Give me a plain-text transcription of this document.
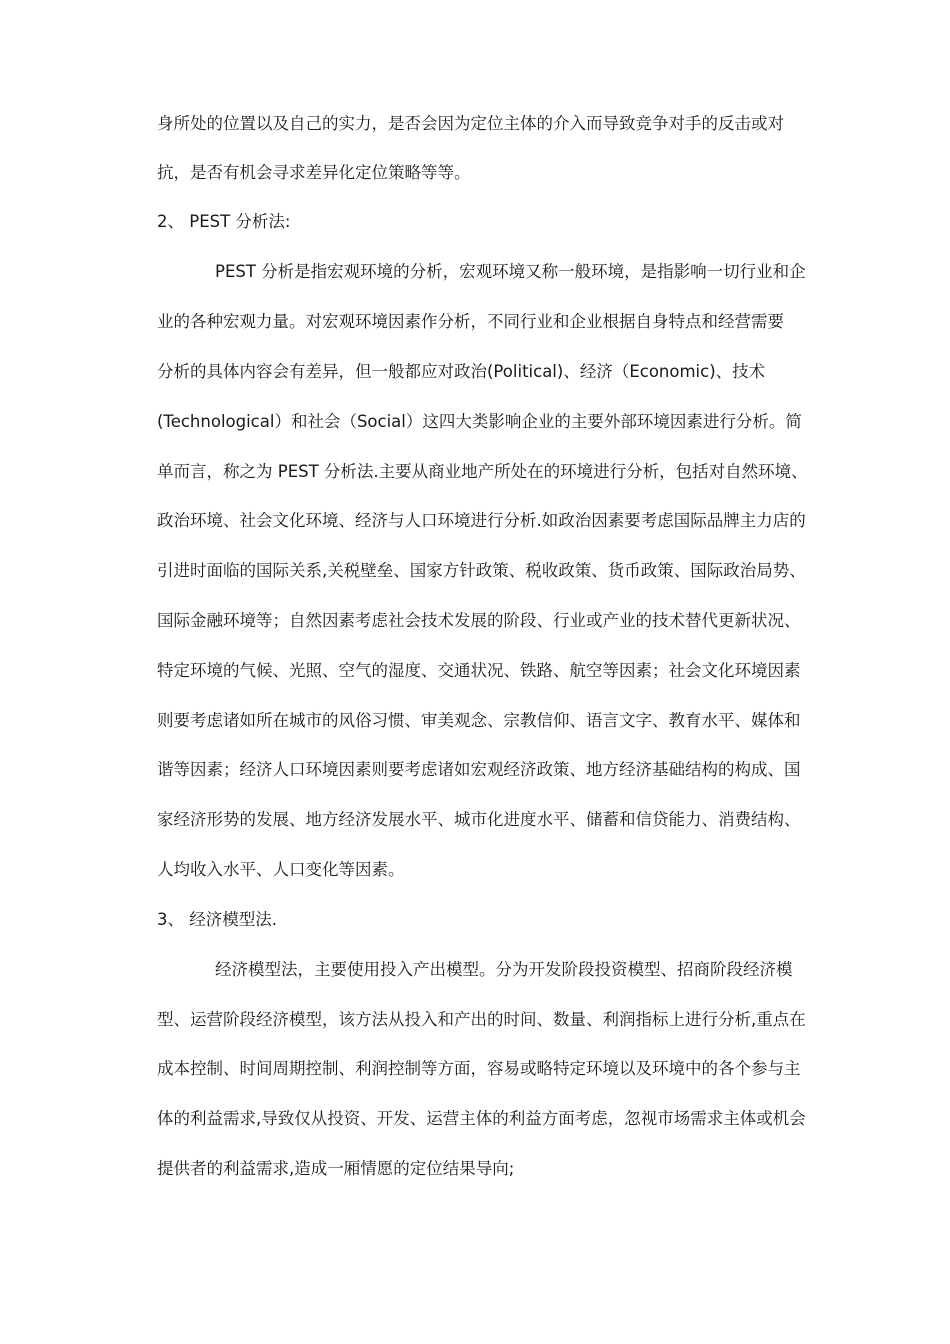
身所处的位置以及自己的实力，是否会因为定位主体的介入而导致竞争对手的反击或对
抗，是否有机会寻求差异化定位策略等等。
2、 PEST 分析法:
PEST 分析是指宏观环境的分析，宏观环境又称一般环境，是指影响一切行业和企
业的各种宏观力量。对宏观环境因素作分析，不同行业和企业根据自身特点和经营需要
分析的具体内容会有差异，但一般都应对政治(Political)、经济（Economic)、技术
(Technological）和社会（Social）这四大类影响企业的主要外部环境因素进行分析。简
单而言，称之为 PEST 分析法.主要从商业地产所处在的环境进行分析，包括对自然环境、
政治环境、社会文化环境、经济与人口环境进行分析.如政治因素要考虑国际品牌主力店的
引进时面临的国际关系,关税壁垒、国家方针政策、税收政策、货币政策、国际政治局势、
国际金融环境等；自然因素考虑社会技术发展的阶段、行业或产业的技术替代更新状况、
特定环境的气候、光照、空气的湿度、交通状况、铁路、航空等因素；社会文化环境因素
则要考虑诸如所在城市的风俗习惯、审美观念、宗教信仰、语言文字、教育水平、媒体和
谐等因素；经济人口环境因素则要考虑诸如宏观经济政策、地方经济基础结构的构成、国
家经济形势的发展、地方经济发展水平、城市化进度水平、储蓄和信贷能力、消费结构、
人均收入水平、人口变化等因素。
3、 经济模型法.
经济模型法，主要使用投入产出模型。分为开发阶段投资模型、招商阶段经济模
型、运营阶段经济模型，该方法从投入和产出的时间、数量、利润指标上进行分析,重点在
成本控制、时间周期控制、利润控制等方面，容易或略特定环境以及环境中的各个参与主
体的利益需求,导致仅从投资、开发、运营主体的利益方面考虑，忽视市场需求主体或机会
提供者的利益需求,造成一厢情愿的定位结果导向;
